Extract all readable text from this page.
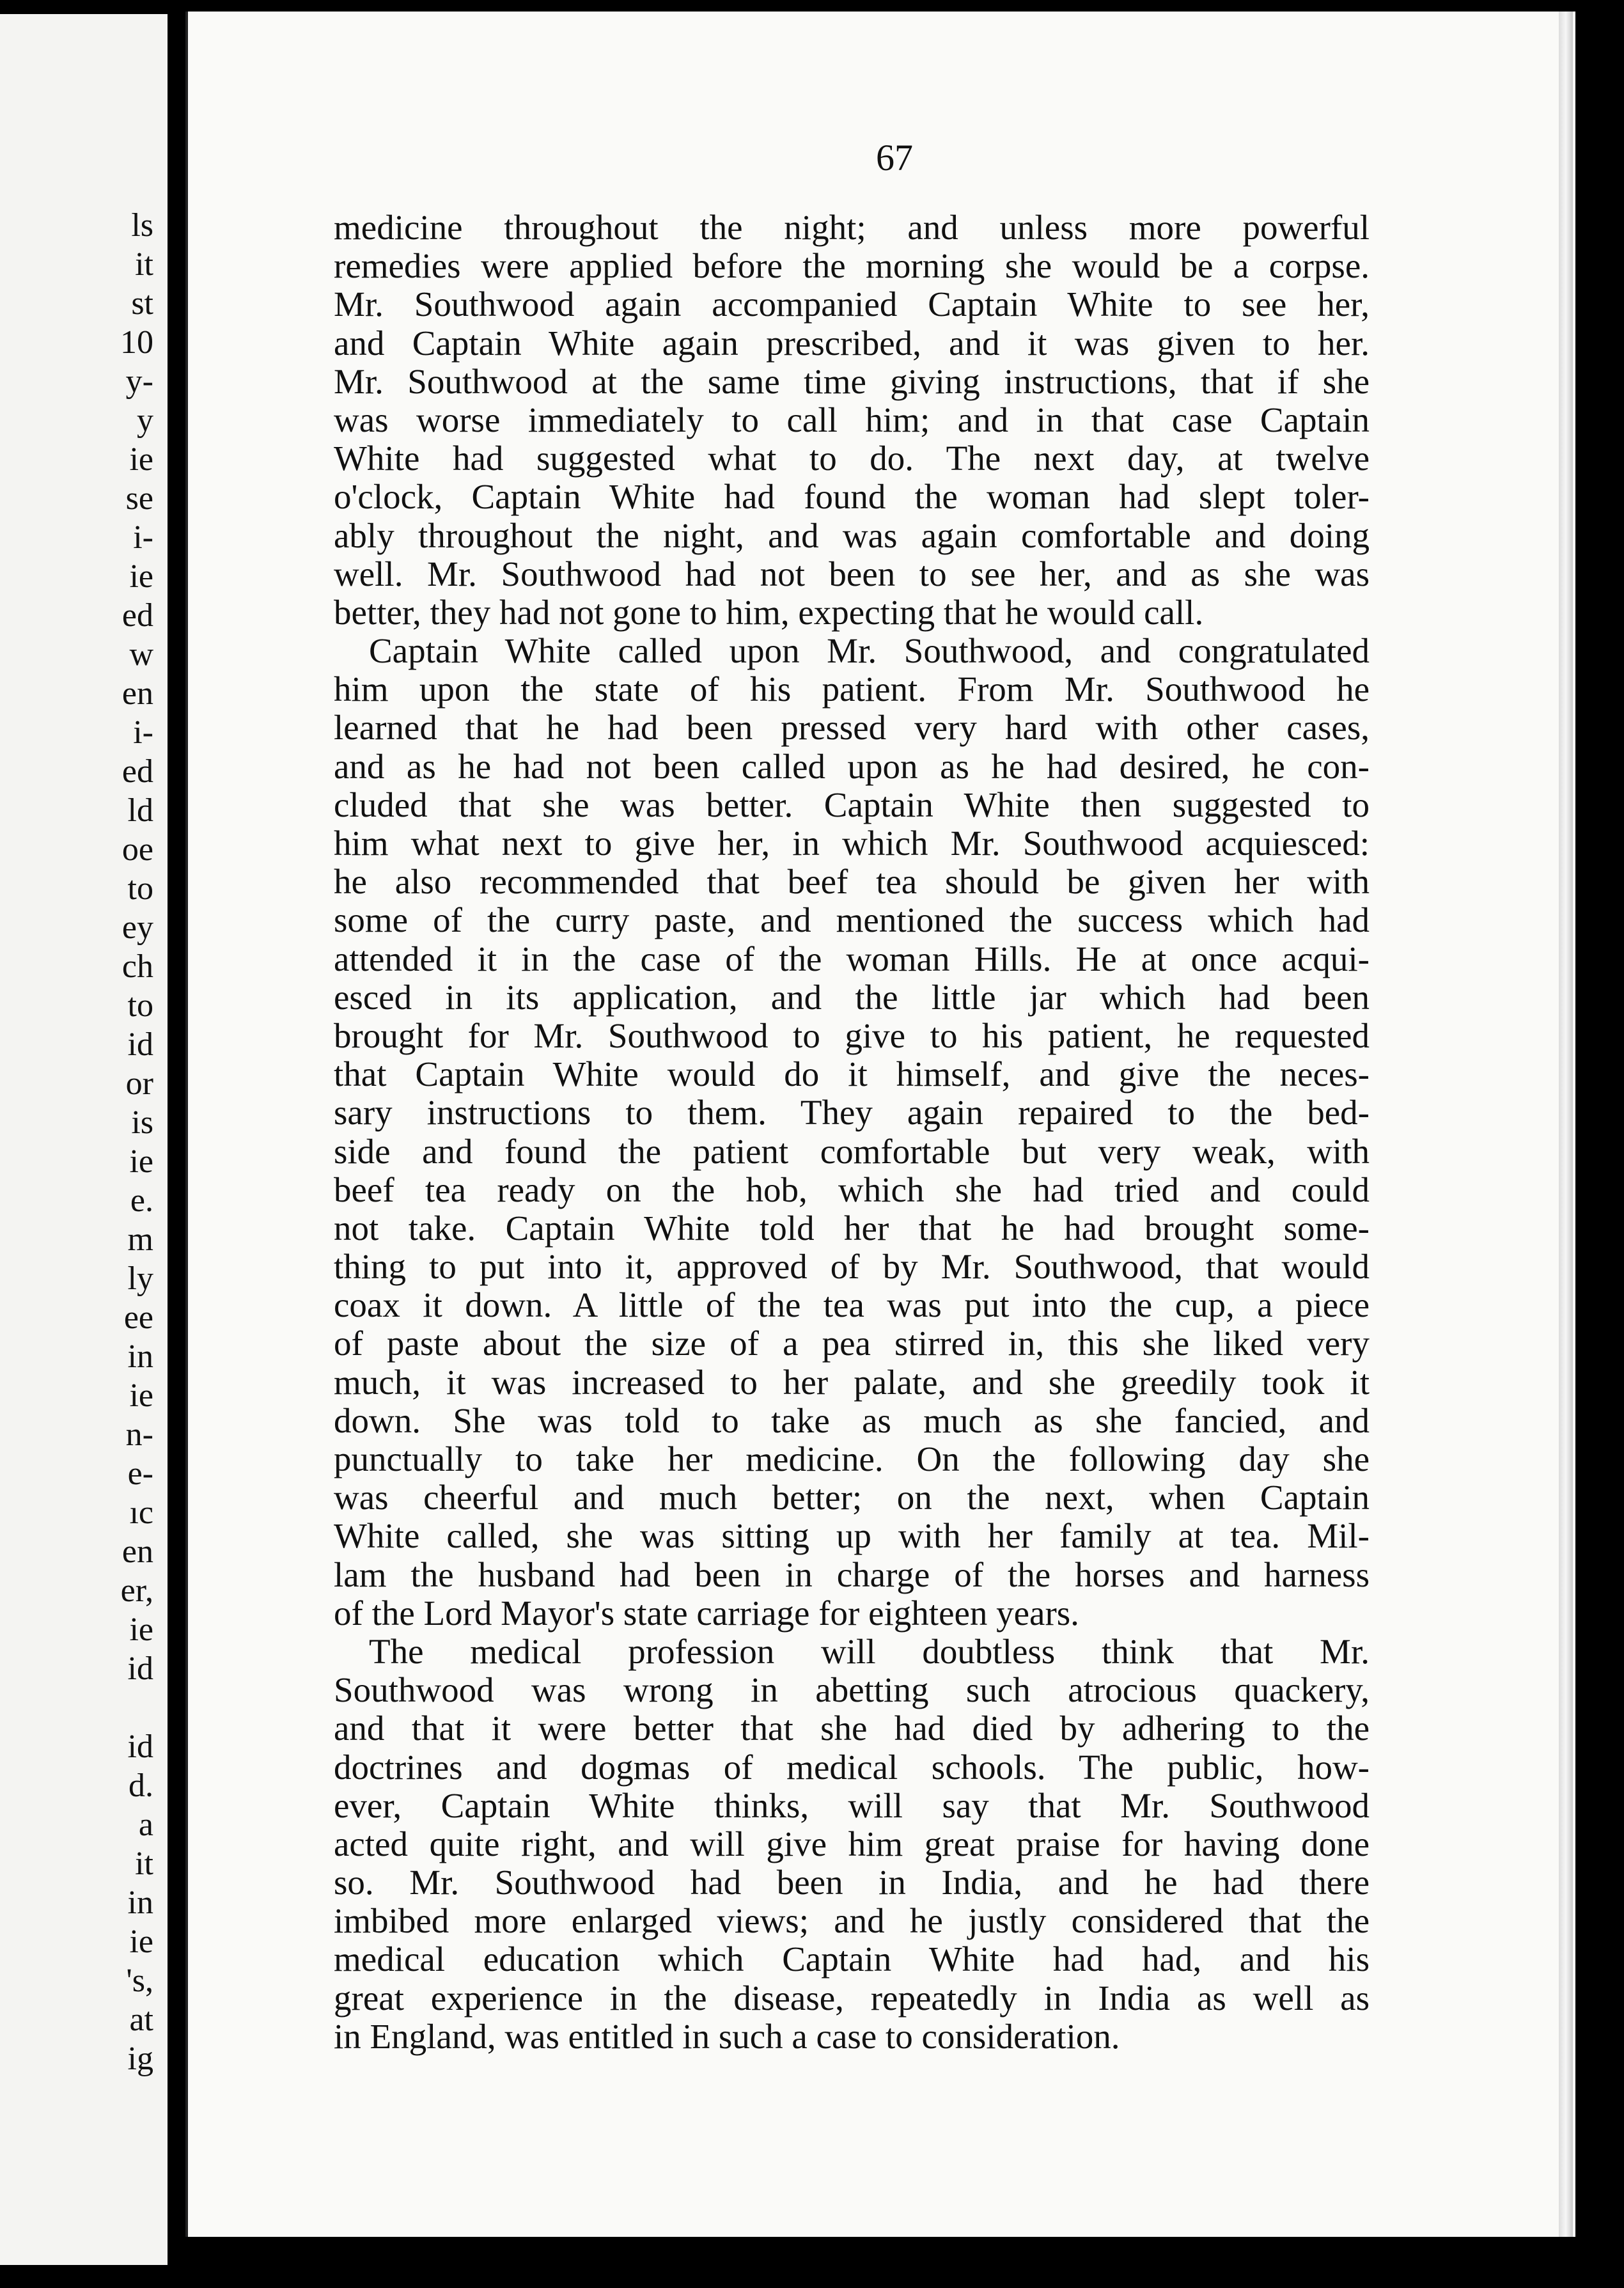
ls
it
st
10
y-
y
ie
se
i-
ie
ed
w
en
i-
ed
ld
oe
to
ey
ch
to
id
or
is
ie
e.
m
ly
ee
in
ie
n-
e-
ıc
en
er,
ie
id
id
d.
a
it
in
ie
's,
at
ig
67
medicine throughout the night; and unless more powerful
remedies were applied before the morning she would be a corpse.
Mr. Southwood again accompanied Captain White to see her,
and Captain White again prescribed, and it was given to her.
Mr. Southwood at the same time giving instructions, that if she
was worse immediately to call him; and in that case Captain
White had suggested what to do. The next day, at twelve
o'clock, Captain White had found the woman had slept toler-
ably throughout the night, and was again comfortable and doing
well. Mr. Southwood had not been to see her, and as she was
better, they had not gone to him, expecting that he would call.
Captain White called upon Mr. Southwood, and congratulated
him upon the state of his patient. From Mr. Southwood he
learned that he had been pressed very hard with other cases,
and as he had not been called upon as he had desired, he con-
cluded that she was better. Captain White then suggested to
him what next to give her, in which Mr. Southwood acquiesced:
he also recommended that beef tea should be given her with
some of the curry paste, and mentioned the success which had
attended it in the case of the woman Hills. He at once acqui-
esced in its application, and the little jar which had been
brought for Mr. Southwood to give to his patient, he requested
that Captain White would do it himself, and give the neces-
sary instructions to them. They again repaired to the bed-
side and found the patient comfortable but very weak, with
beef tea ready on the hob, which she had tried and could
not take. Captain White told her that he had brought some-
thing to put into it, approved of by Mr. Southwood, that would
coax it down. A little of the tea was put into the cup, a piece
of paste about the size of a pea stirred in, this she liked very
much, it was increased to her palate, and she greedily took it
down. She was told to take as much as she fancied, and
punctually to take her medicine. On the following day she
was cheerful and much better; on the next, when Captain
White called, she was sitting up with her family at tea. Mil-
lam the husband had been in charge of the horses and harness
of the Lord Mayor's state carriage for eighteen years.
The medical profession will doubtless think that Mr.
Southwood was wrong in abetting such atrocious quackery,
and that it were better that she had died by adhering to the
doctrines and dogmas of medical schools. The public, how-
ever, Captain White thinks, will say that Mr. Southwood
acted quite right, and will give him great praise for having done
so. Mr. Southwood had been in India, and he had there
imbibed more enlarged views; and he justly considered that the
medical education which Captain White had had, and his
great experience in the disease, repeatedly in India as well as
in England, was entitled in such a case to consideration.
